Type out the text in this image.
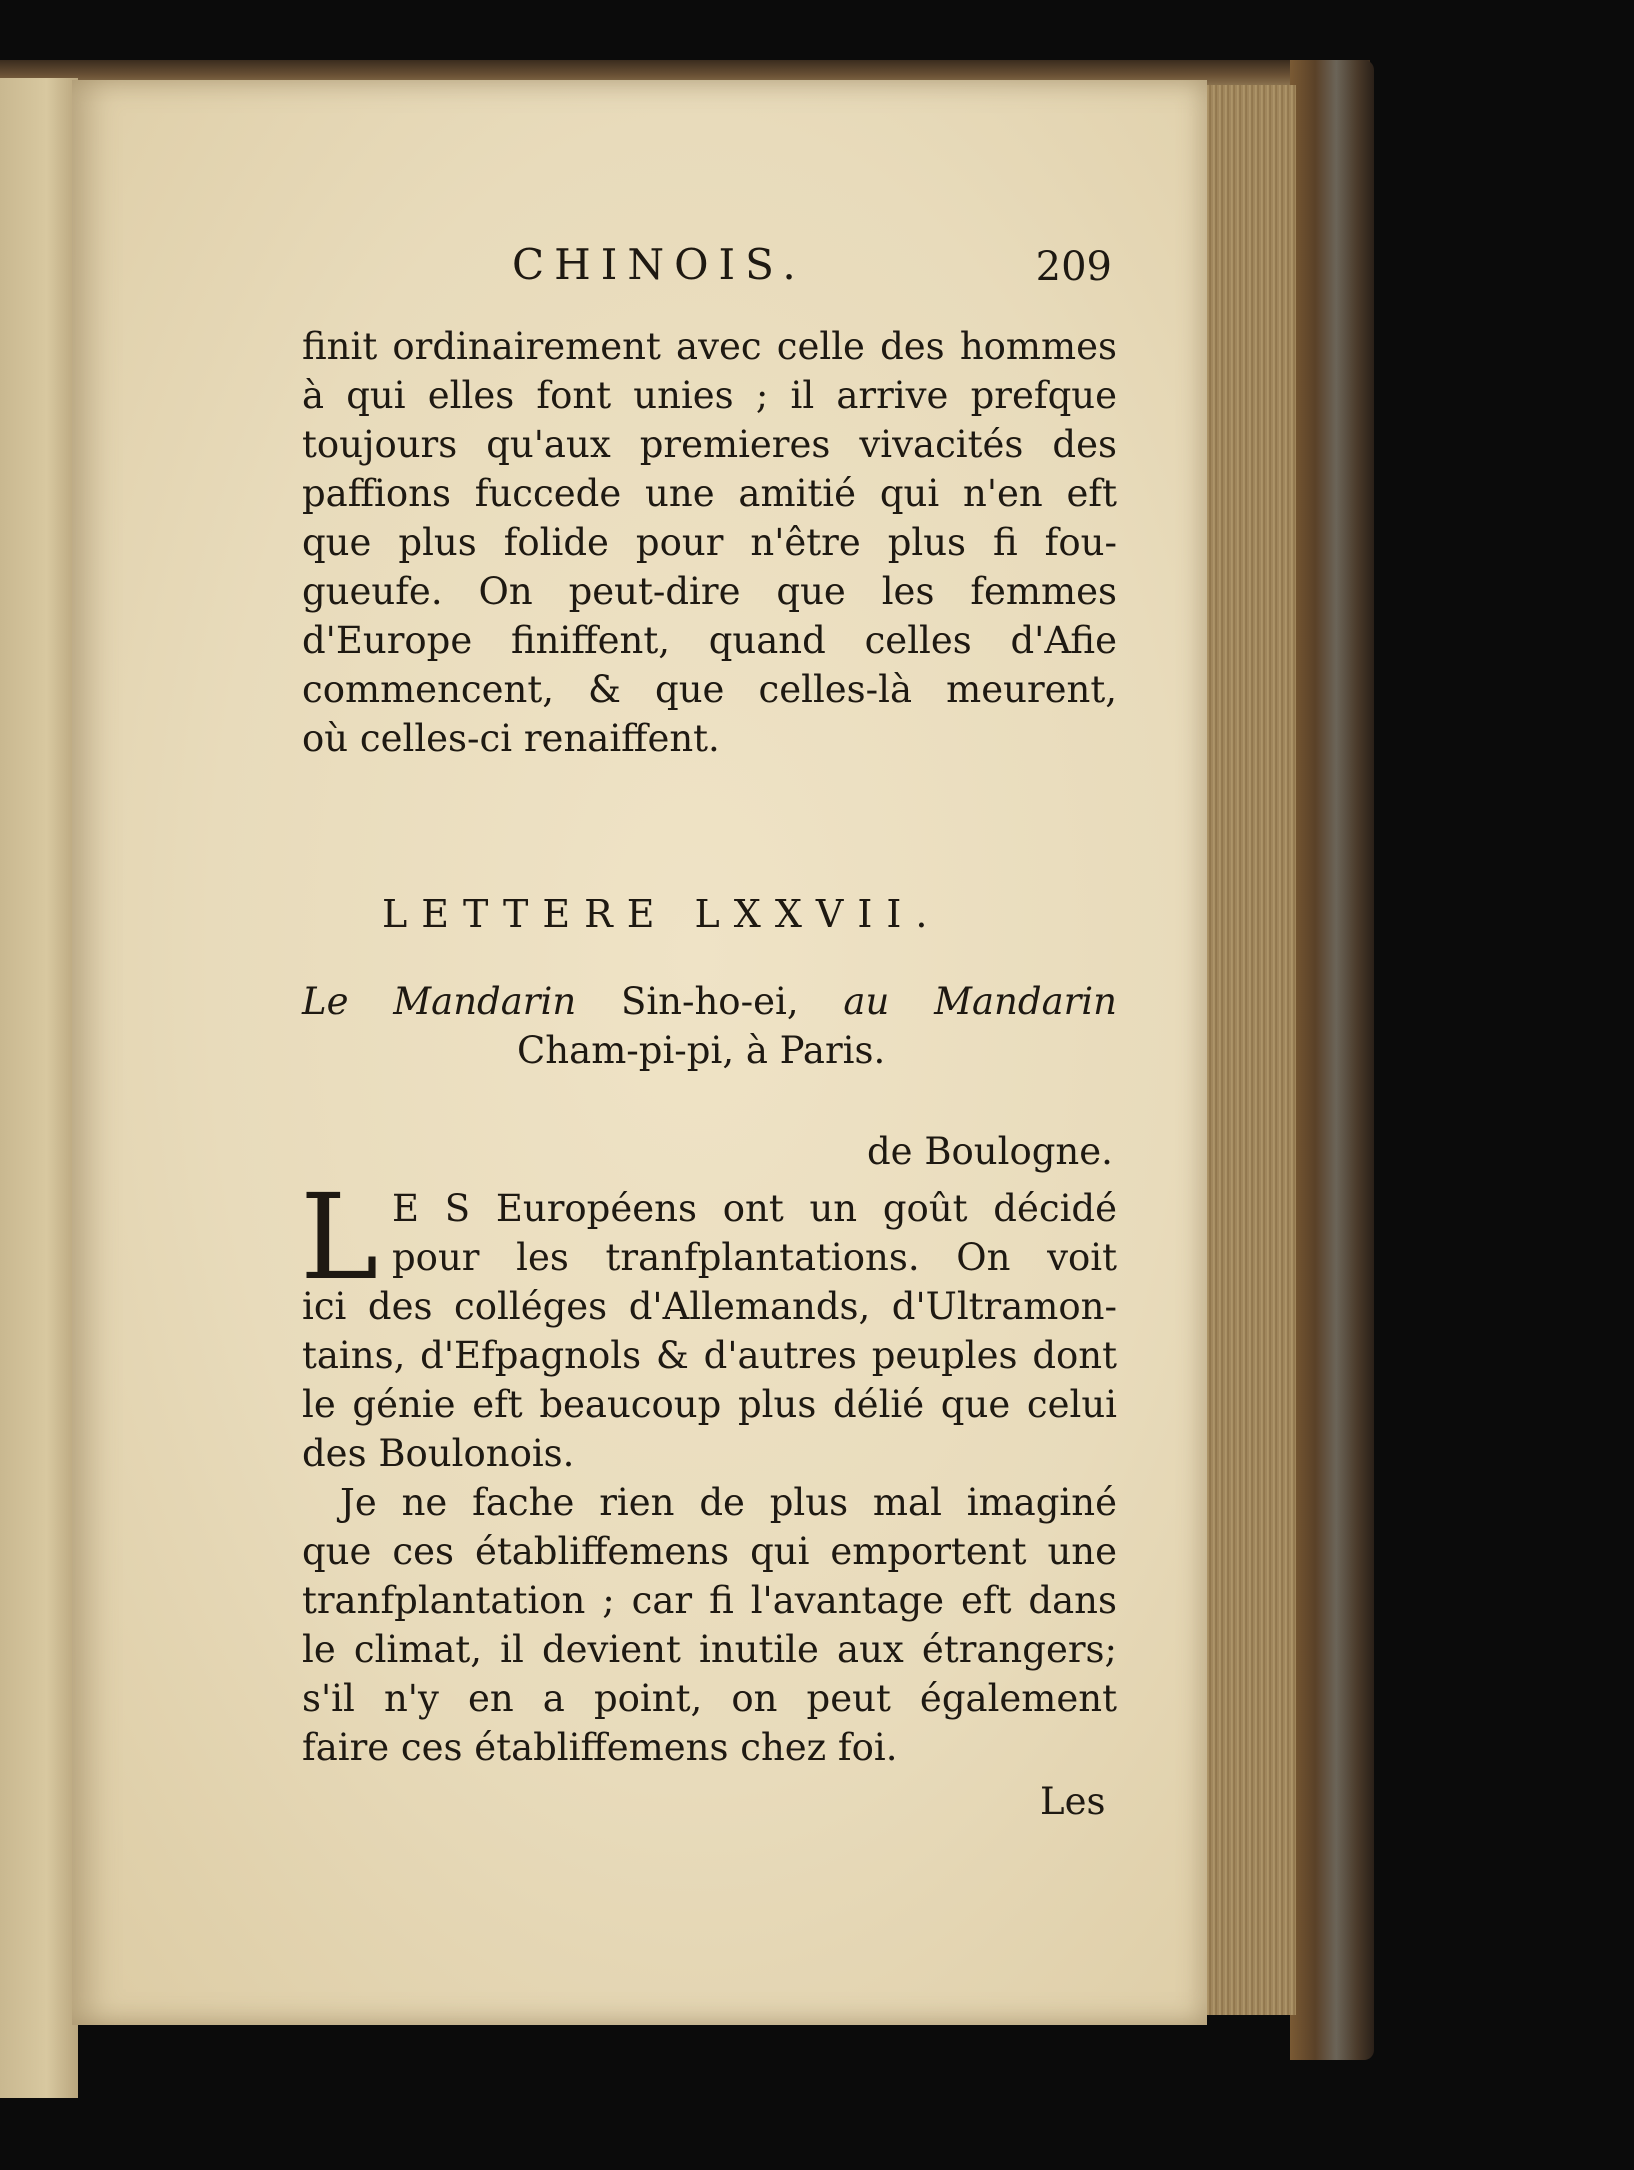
CHINOIS.	209
finit ordinairement avec celle des hommes
à qui elles font unies ; il arrive prefque
toujours qu'aux premieres vivacités des
paffions fuccede une amitié qui n'en eft
que plus folide pour n'être plus fi fou-
gueufe. On peut-dire que les femmes
d'Europe finiffent, quand celles d'Afie
commencent, & que celles-là meurent,
où celles-ci renaiffent.
LETTERE LXXVII.
Le Mandarin Sin-ho-ei, au Mandarin
Cham-pi-pi, à Paris.
de Boulogne.
L E S Européens ont un goût décidé
pour les tranfplantations. On voit
ici des colléges d'Allemands, d'Ultramon-
tains, d'Efpagnols & d'autres peuples dont
le génie eft beaucoup plus délié que celui
des Boulonois.
Je ne fache rien de plus mal imaginé
que ces établiffemens qui emportent une
tranfplantation ; car fi l'avantage eft dans
le climat, il devient inutile aux étrangers;
s'il n'y en a point, on peut également
faire ces établiffemens chez foi.
Les
